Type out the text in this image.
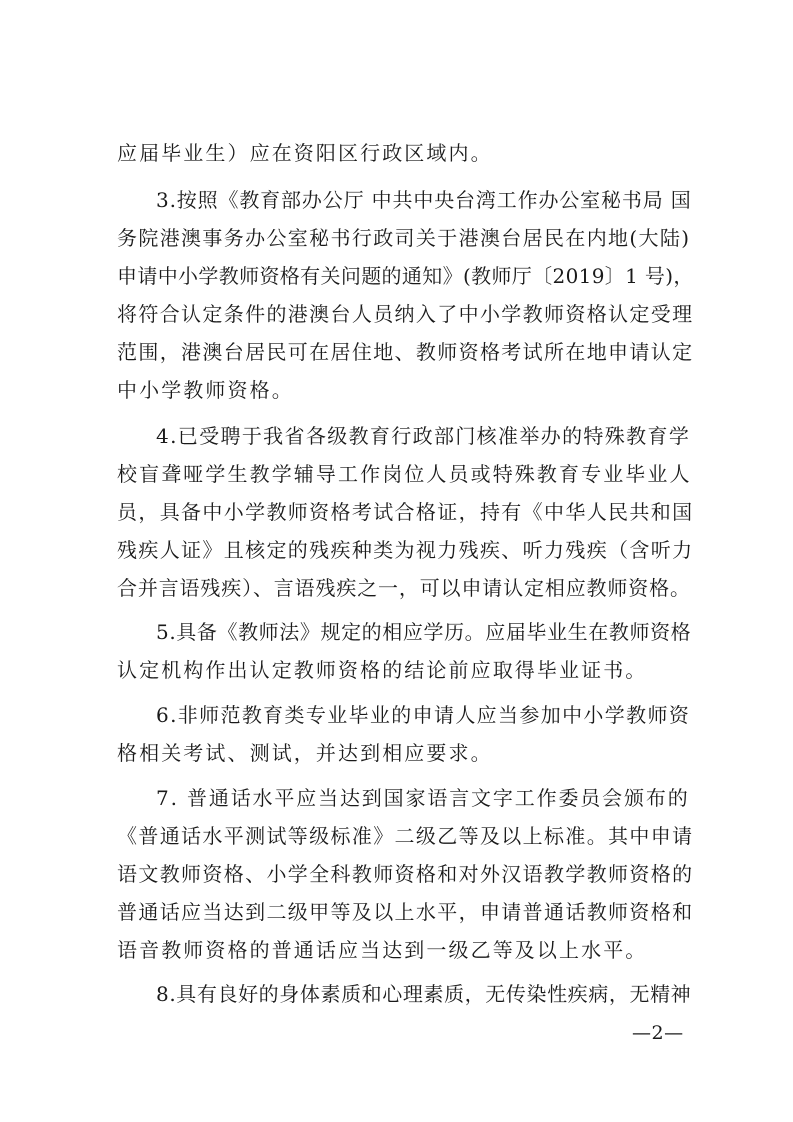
应届毕业生）应在资阳区行政区域内。
3.按照《教育部办公厅 中共中央台湾工作办公室秘书局 国
务院港澳事务办公室秘书行政司关于港澳台居民在内地(大陆)
申请中小学教师资格有关问题的通知》(教师厅〔2019〕1 号)，
将符合认定条件的港澳台人员纳入了中小学教师资格认定受理
范围，港澳台居民可在居住地、教师资格考试所在地申请认定
中小学教师资格。
4.已受聘于我省各级教育行政部门核准举办的特殊教育学
校盲聋哑学生教学辅导工作岗位人员或特殊教育专业毕业人
员，具备中小学教师资格考试合格证，持有《中华人民共和国
残疾人证》且核定的残疾种类为视力残疾、听力残疾（含听力
合并言语残疾）、言语残疾之一，可以申请认定相应教师资格。
5.具备《教师法》规定的相应学历。应届毕业生在教师资格
认定机构作出认定教师资格的结论前应取得毕业证书。
6.非师范教育类专业毕业的申请人应当参加中小学教师资
格相关考试、测试，并达到相应要求。
7. 普通话水平应当达到国家语言文字工作委员会颁布的
《普通话水平测试等级标准》二级乙等及以上标准。其中申请
语文教师资格、小学全科教师资格和对外汉语教学教师资格的
普通话应当达到二级甲等及以上水平，申请普通话教师资格和
语音教师资格的普通话应当达到一级乙等及以上水平。
8.具有良好的身体素质和心理素质，无传染性疾病，无精神
—2—
